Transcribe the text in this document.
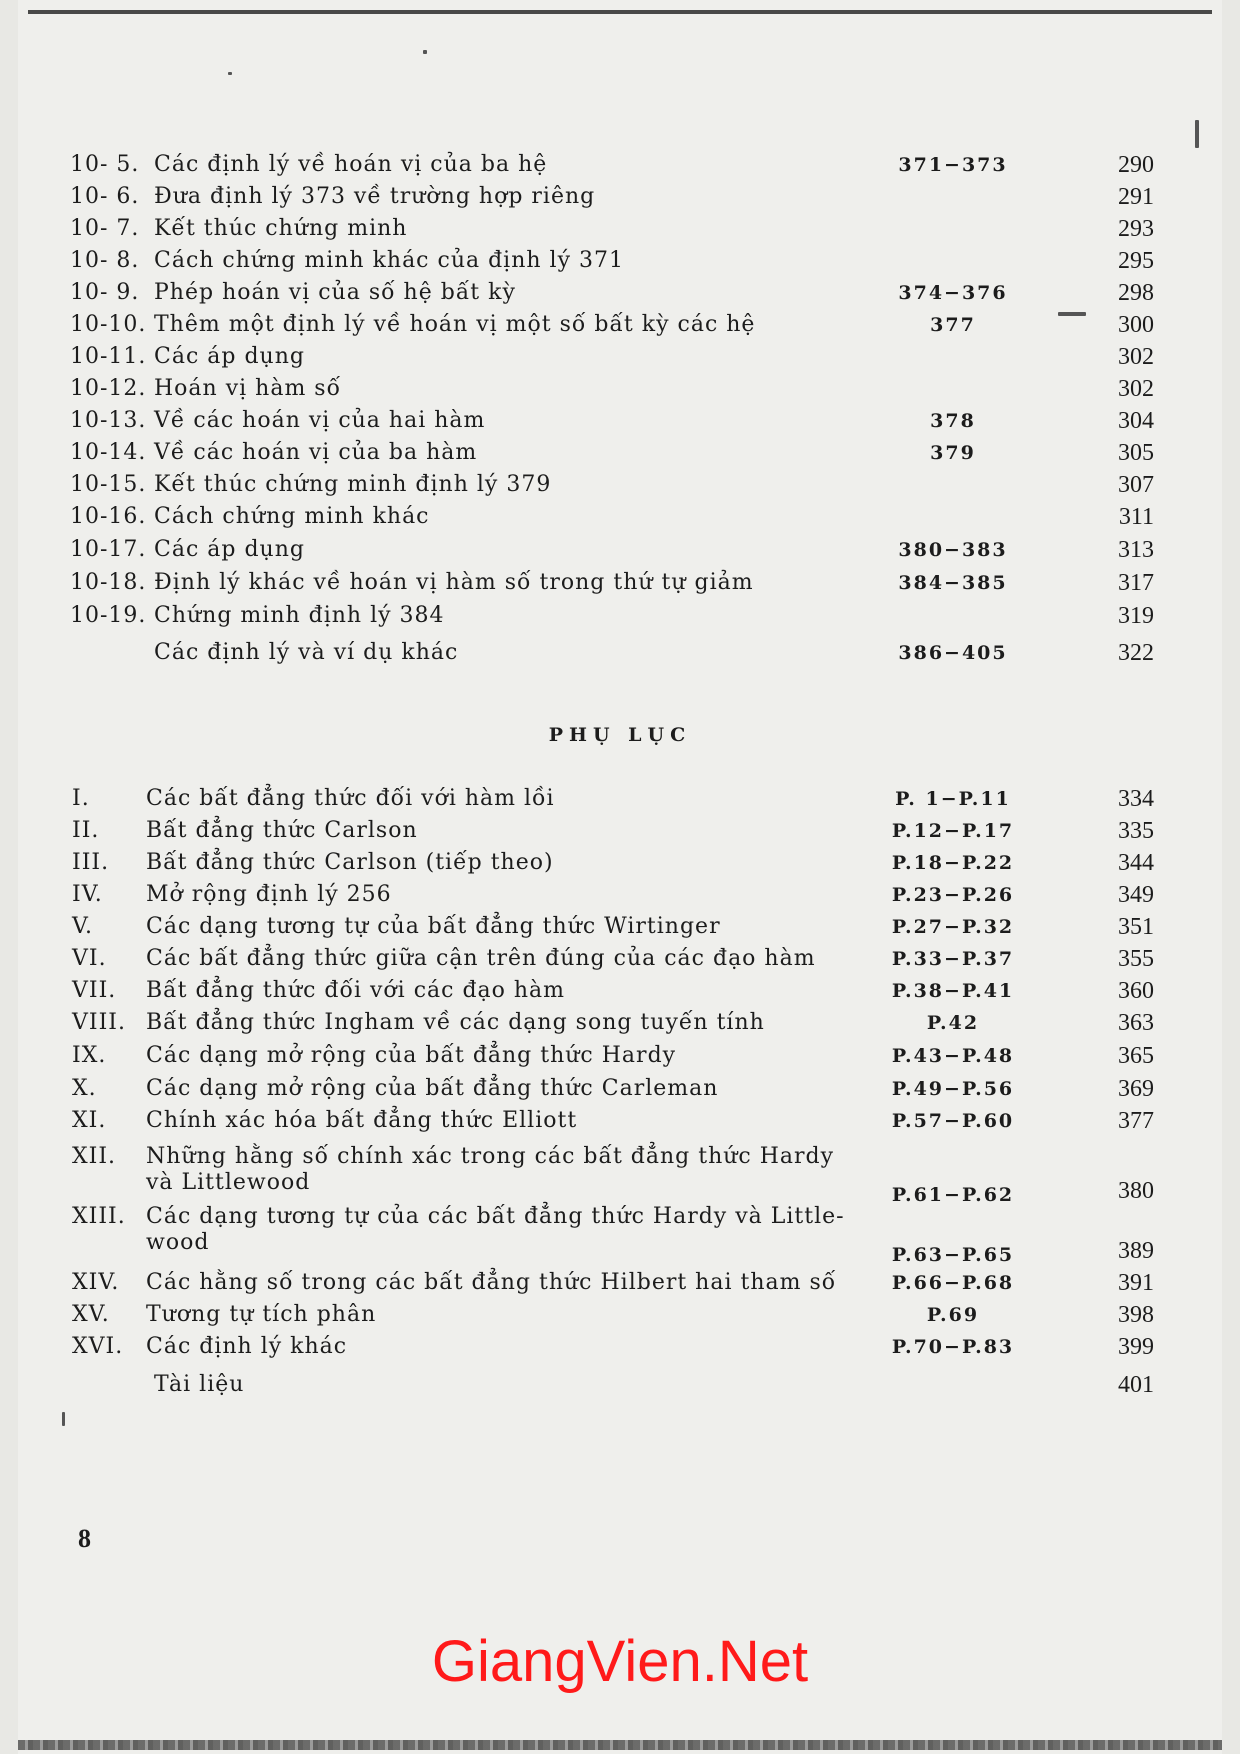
10- 5. Các định lý về hoán vị của ba hệ	371−373	290
10- 6. Đưa định lý 373 về trường hợp riêng	291
10- 7. Kết thúc chứng minh	293
10- 8. Cách chứng minh khác của định lý 371	295
10- 9. Phép hoán vị của số hệ bất kỳ	374−376	298
10-10. Thêm một định lý về hoán vị một số bất kỳ các hệ	377	300
10-11. Các áp dụng	302
10-12. Hoán vị hàm số	302
10-13. Về các hoán vị của hai hàm	378	304
10-14. Về các hoán vị của ba hàm	379	305
10-15. Kết thúc chứng minh định lý 379	307
10-16. Cách chứng minh khác	311
10-17. Các áp dụng	380−383	313
10-18. Định lý khác về hoán vị hàm số trong thứ tự giảm	384−385	317
10-19. Chứng minh định lý 384	319
Các định lý và ví dụ khác	386−405	322
PHỤ LỤC
I.	Các bất đẳng thức đối với hàm lồi	P. 1−P.11	334
II. Bất đẳng thức Carlson	P.12−P.17	335
III. Bất đẳng thức Carlson (tiếp theo)	P.18−P.22	344
IV. Mở rộng định lý 256	P.23−P.26	349
V. Các dạng tương tự của bất đẳng thức Wirtinger	P.27−P.32	351
VI. Các bất đẳng thức giữa cận trên đúng của các đạo hàm	P.33−P.37	355
VII. Bất đẳng thức đối với các đạo hàm	P.38−P.41	360
VIII. Bất đẳng thức Ingham về các dạng song tuyến tính	P.42	363
IX. Các dạng mở rộng của bất đẳng thức Hardy	P.43−P.48	365
X. Các dạng mở rộng của bất đẳng thức Carleman	P.49−P.56	369
XI. Chính xác hóa bất đẳng thức Elliott	P.57−P.60	377
XII. Những hằng số chính xác trong các bất đẳng thức Hardy
và Littlewood	P.61−P.62	380
XIII. Các dạng tương tự của các bất đẳng thức Hardy và Little-
wood	P.63−P.65	389
XIV. Các hằng số trong các bất đẳng thức Hilbert hai tham số	P.66−P.68	391
XV. Tương tự tích phân	P.69	398
XVI. Các định lý khác	P.70−P.83	399
Tài liệu	401
8
GiangVien.Net
